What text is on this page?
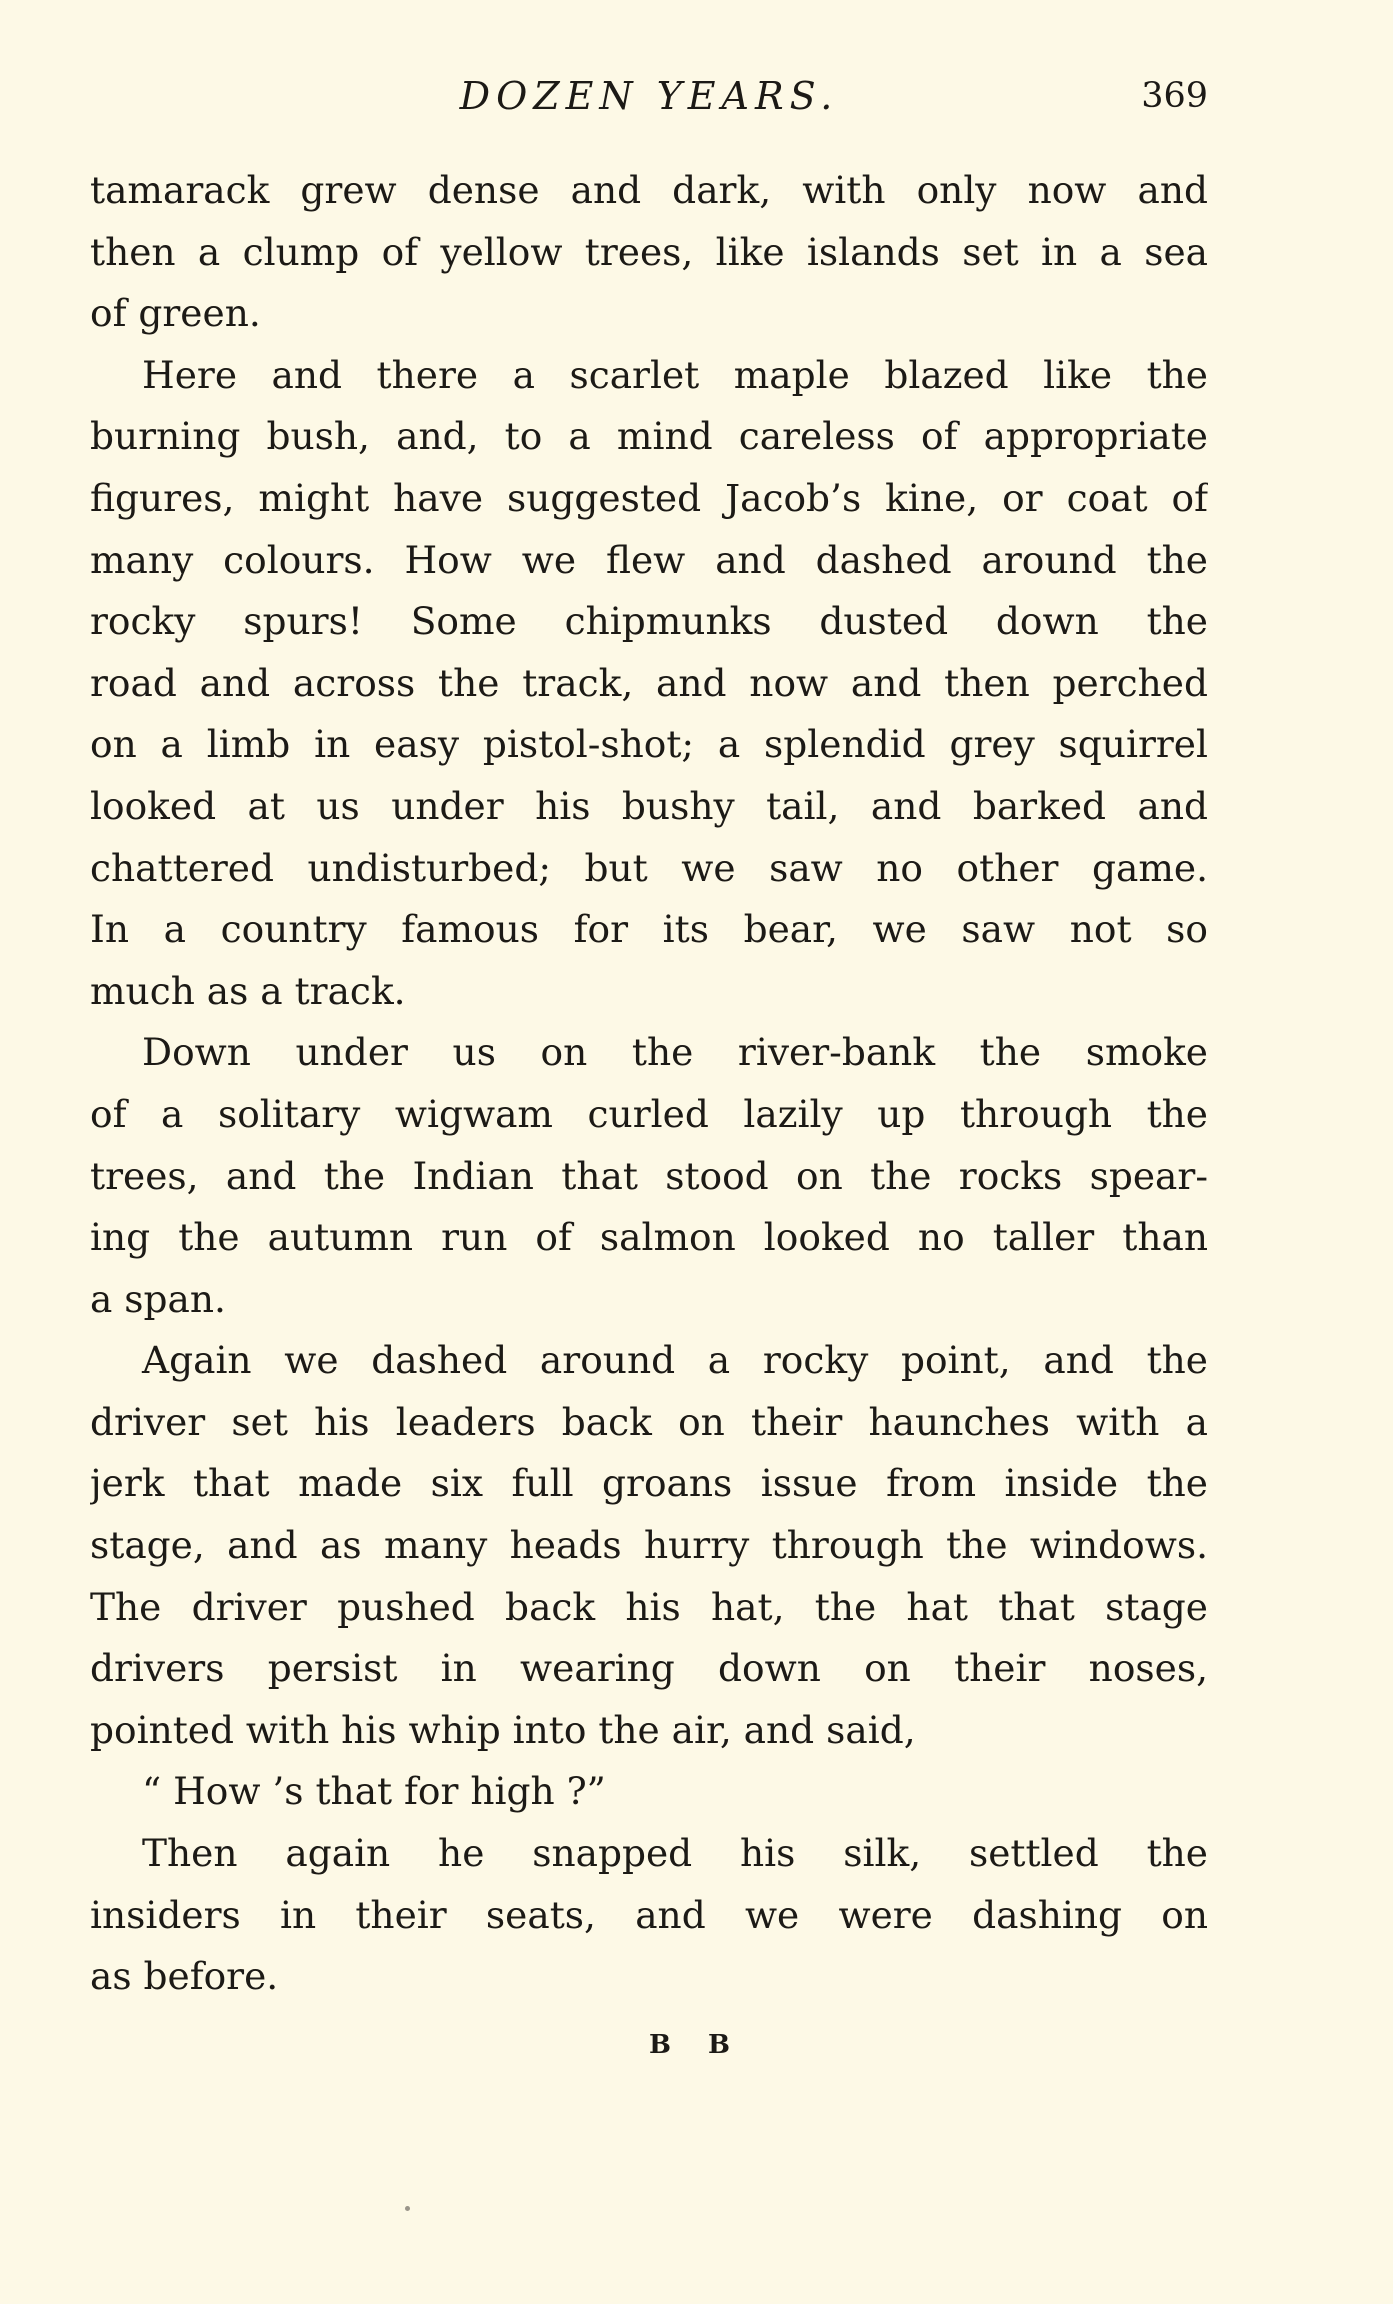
DOZEN YEARS.	369
tamarack grew dense and dark, with only now and
then a clump of yellow trees, like islands set in a sea
of green.
Here and there a scarlet maple blazed like the
burning bush, and, to a mind careless of appropriate
figures, might have suggested Jacob’s kine, or coat of
many colours. How we flew and dashed around the
rocky spurs! Some chipmunks dusted down the
road and across the track, and now and then perched
on a limb in easy pistol-shot; a splendid grey squirrel
looked at us under his bushy tail, and barked and
chattered undisturbed; but we saw no other game.
In a country famous for its bear, we saw not so
much as a track.
Down under us on the river-bank the smoke
of a solitary wigwam curled lazily up through the
trees, and the Indian that stood on the rocks spear-
ing the autumn run of salmon looked no taller than
a span.
Again we dashed around a rocky point, and the
driver set his leaders back on their haunches with a
jerk that made six full groans issue from inside the
stage, and as many heads hurry through the windows.
The driver pushed back his hat, the hat that stage
drivers persist in wearing down on their noses,
pointed with his whip into the air, and said,
“ How ’s that for high ?”
Then again he snapped his silk, settled the
insiders in their seats, and we were dashing on
as before.
B B
